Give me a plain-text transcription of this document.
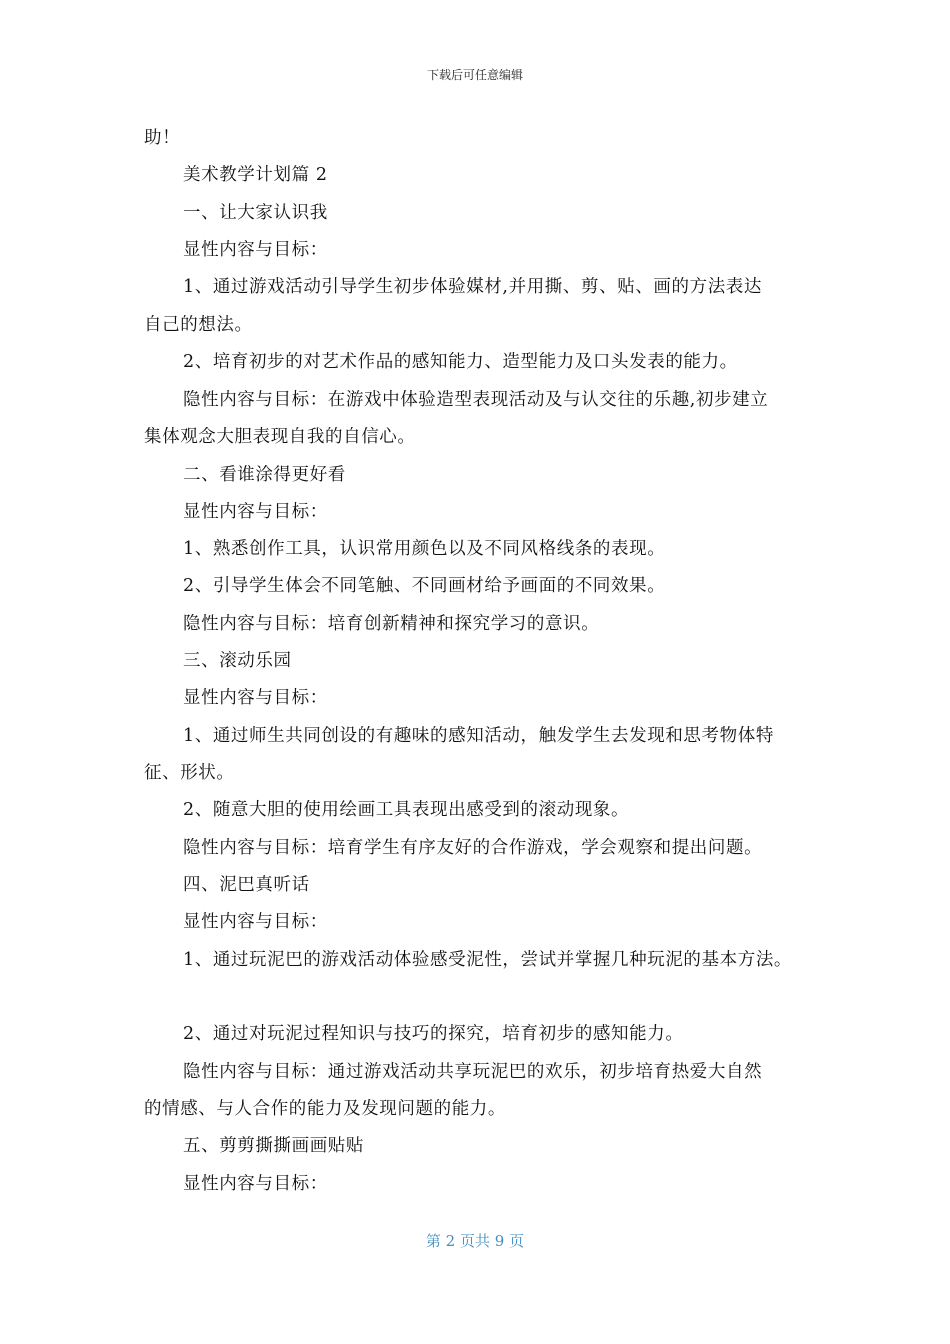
下载后可任意编辑
助！
美术教学计划篇 2
一、让大家认识我
显性内容与目标：
1、通过游戏活动引导学生初步体验媒材,并用撕、剪、贴、画的方法表达
自己的想法。
2、培育初步的对艺术作品的感知能力、造型能力及口头发表的能力。
隐性内容与目标：在游戏中体验造型表现活动及与认交往的乐趣,初步建立
集体观念大胆表现自我的自信心。
二、看谁涂得更好看
显性内容与目标：
1、熟悉创作工具，认识常用颜色以及不同风格线条的表现。
2、引导学生体会不同笔触、不同画材给予画面的不同效果。
隐性内容与目标：培育创新精神和探究学习的意识。
三、滚动乐园
显性内容与目标：
1、通过师生共同创设的有趣味的感知活动，触发学生去发现和思考物体特
征、形状。
2、随意大胆的使用绘画工具表现出感受到的滚动现象。
隐性内容与目标：培育学生有序友好的合作游戏，学会观察和提出问题。
四、泥巴真听话
显性内容与目标：
1、通过玩泥巴的游戏活动体验感受泥性，尝试并掌握几种玩泥的基本方法。
2、通过对玩泥过程知识与技巧的探究，培育初步的感知能力。
隐性内容与目标：通过游戏活动共享玩泥巴的欢乐，初步培育热爱大自然
的情感、与人合作的能力及发现问题的能力。
五、剪剪撕撕画画贴贴
显性内容与目标：
第 2 页共 9 页
